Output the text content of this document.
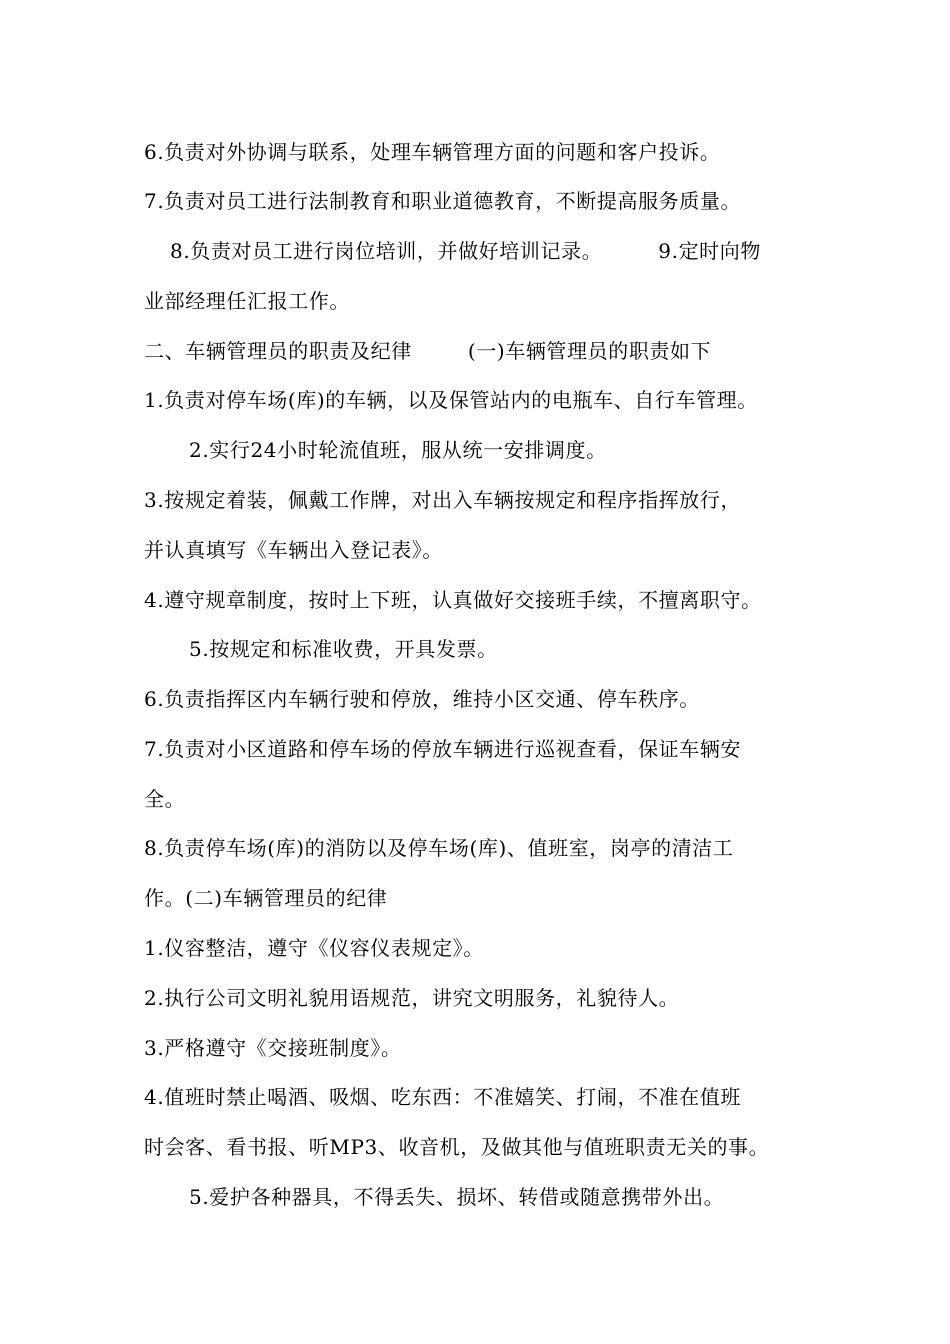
6.负责对外协调与联系，处理车辆管理方面的问题和客户投诉。
7.负责对员工进行法制教育和职业道德教育，不断提高服务质量。
8.负责对员工进行岗位培训，并做好培训记录。	9.定时向物
业部经理任汇报工作。
二、车辆管理员的职责及纪律	(一)车辆管理员的职责如下
1.负责对停车场(库)的车辆，以及保管站内的电瓶车、自行车管理。
2.实行24小时轮流值班，服从统一安排调度。
3.按规定着装，佩戴工作牌，对出入车辆按规定和程序指挥放行，
并认真填写《车辆出入登记表》。
4.遵守规章制度，按时上下班，认真做好交接班手续，不擅离职守。
5.按规定和标准收费，开具发票。
6.负责指挥区内车辆行驶和停放，维持小区交通、停车秩序。
7.负责对小区道路和停车场的停放车辆进行巡视查看，保证车辆安
全。
8.负责停车场(库)的消防以及停车场(库)、值班室，岗亭的清洁工
作。(二)车辆管理员的纪律
1.仪容整洁，遵守《仪容仪表规定》。
2.执行公司文明礼貌用语规范，讲究文明服务，礼貌待人。
3.严格遵守《交接班制度》。
4.值班时禁止喝酒、吸烟、吃东西：不准嬉笑、打闹，不准在值班
时会客、看书报、听MP3、收音机，及做其他与值班职责无关的事。
5.爱护各种器具，不得丢失、损坏、转借或随意携带外出。
